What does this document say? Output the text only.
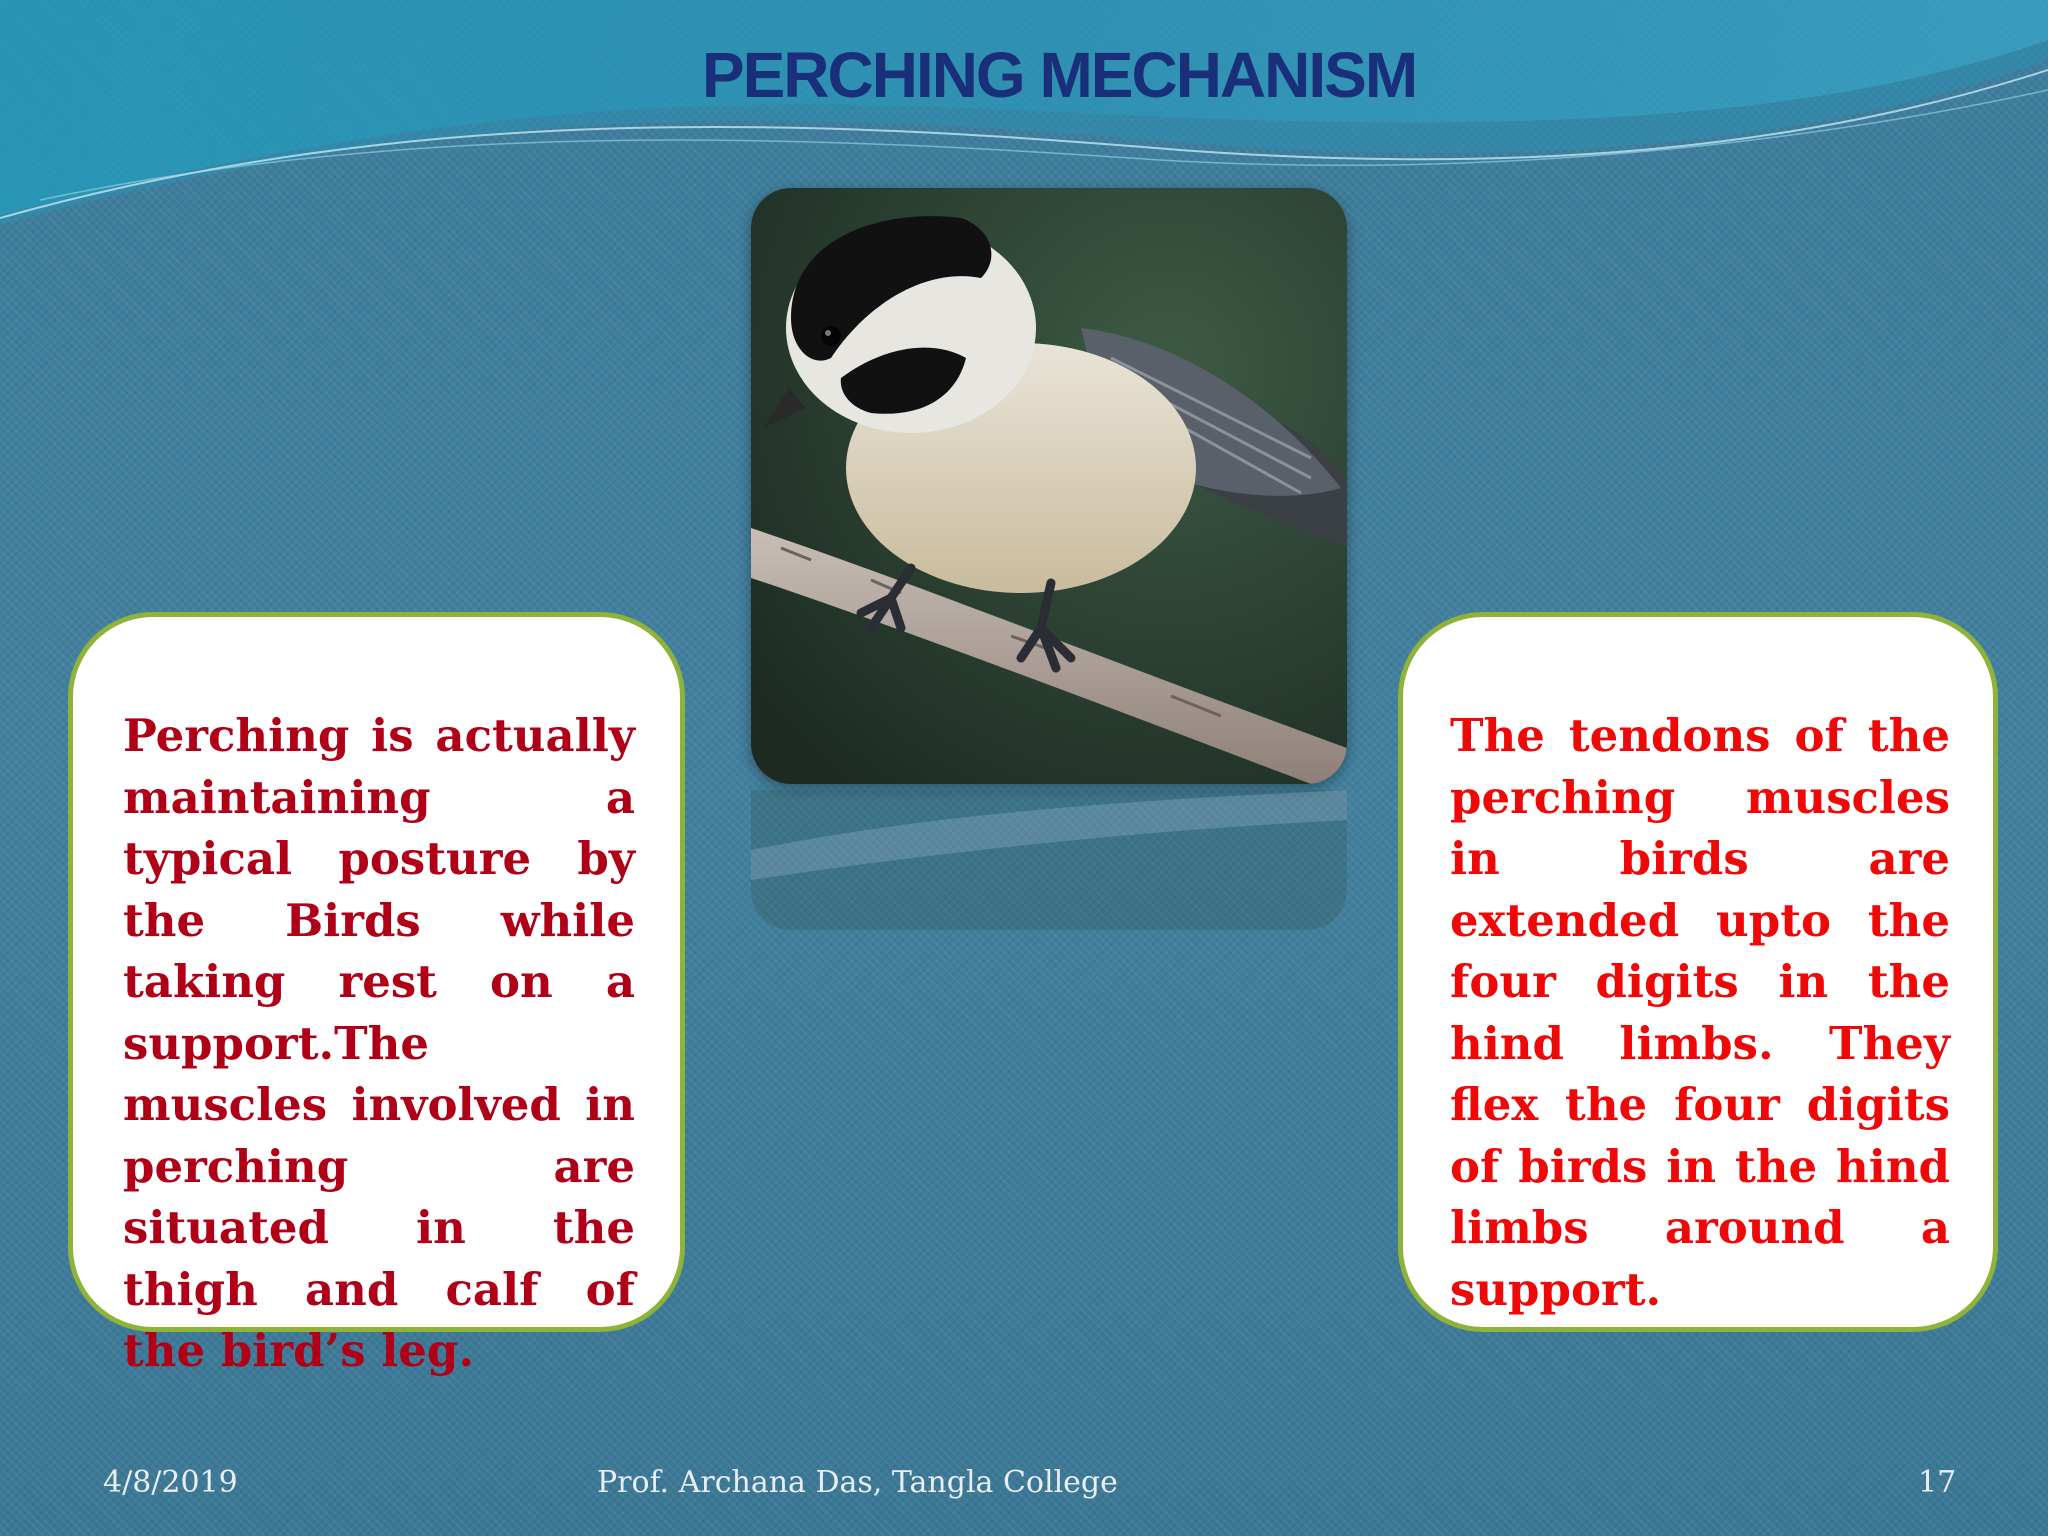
PERCHING MECHANISM

Perching is actually maintaining a typical posture by the Birds while taking rest on a support.The muscles involved in perching are situated in the thigh and calf of the bird’s leg.

The tendons of the perching muscles in birds are extended upto the four digits in the hind limbs. They flex the four digits of birds in the hind limbs around a support.

4/8/2019	Prof. Archana Das, Tangla College	17
